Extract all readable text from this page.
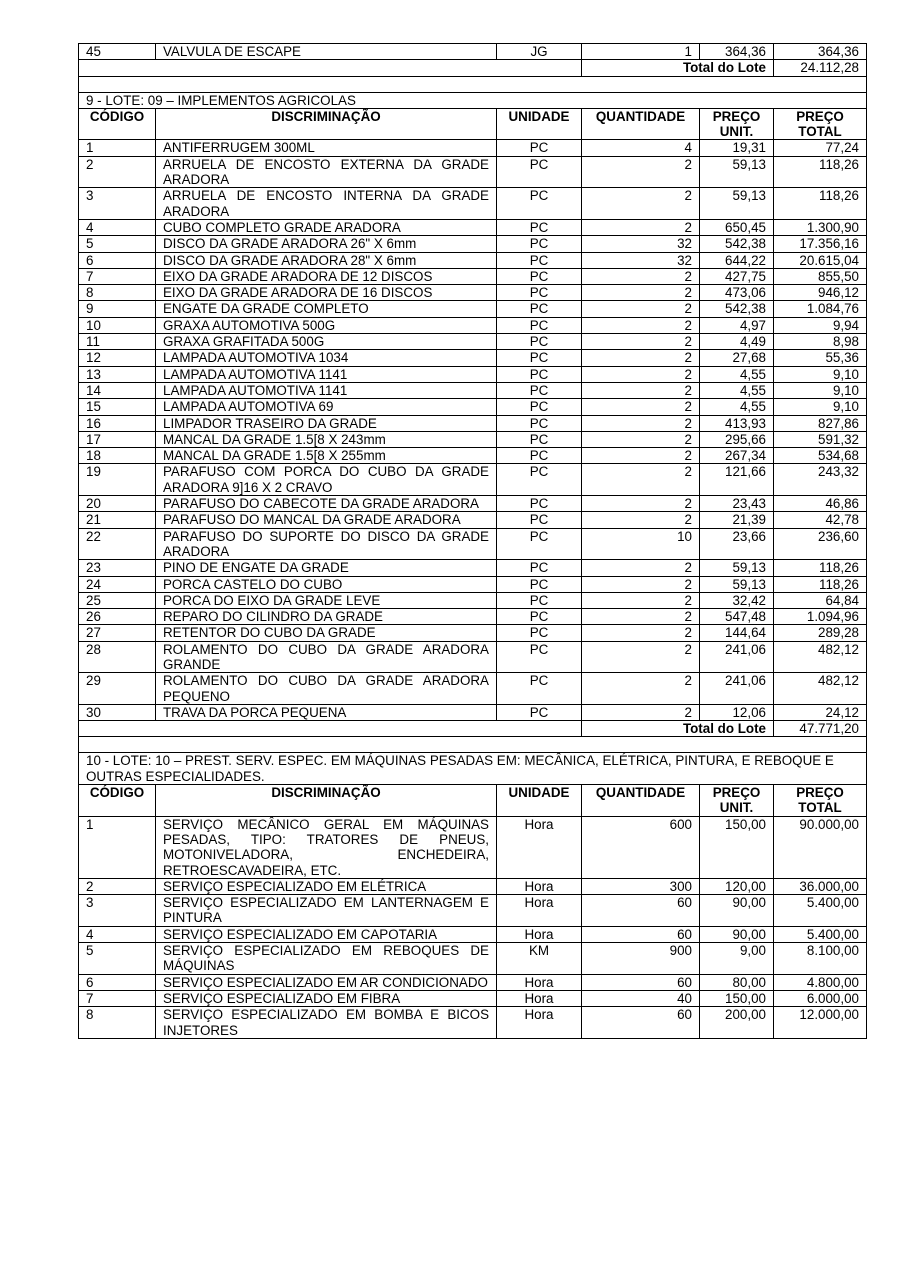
45	VALVULA DE ESCAPE	JG	1	364,36	364,36
			Total do Lote		24.112,28

9 - LOTE: 09 – IMPLEMENTOS AGRICOLAS					
CÓDIGO	DISCRIMINAÇÃO	UNIDADE	QUANTIDADE	PREÇO UNIT.	PREÇO TOTAL
1	ANTIFERRUGEM 300ML	PC	4	19,31	77,24
2	ARRUELA DE ENCOSTO EXTERNA DA GRADE ARADORA	PC	2	59,13	118,26
3	ARRUELA DE ENCOSTO INTERNA DA GRADE ARADORA	PC	2	59,13	118,26
4	CUBO COMPLETO GRADE ARADORA	PC	2	650,45	1.300,90
5	DISCO DA GRADE ARADORA 26" X 6mm	PC	32	542,38	17.356,16
6	DISCO DA GRADE ARADORA 28" X 6mm	PC	32	644,22	20.615,04
7	EIXO DA GRADE ARADORA DE 12 DISCOS	PC	2	427,75	855,50
8	EIXO DA GRADE ARADORA DE 16 DISCOS	PC	2	473,06	946,12
9	ENGATE DA GRADE COMPLETO	PC	2	542,38	1.084,76
10	GRAXA AUTOMOTIVA 500G	PC	2	4,97	9,94
11	GRAXA GRAFITADA 500G	PC	2	4,49	8,98
12	LAMPADA AUTOMOTIVA 1034	PC	2	27,68	55,36
13	LAMPADA AUTOMOTIVA 1141	PC	2	4,55	9,10
14	LAMPADA AUTOMOTIVA 1141	PC	2	4,55	9,10
15	LAMPADA AUTOMOTIVA 69	PC	2	4,55	9,10
16	LIMPADOR TRASEIRO DA GRADE	PC	2	413,93	827,86
17	MANCAL DA GRADE 1.5[8 X 243mm	PC	2	295,66	591,32
18	MANCAL DA GRADE 1.5[8 X 255mm	PC	2	267,34	534,68
19	PARAFUSO COM PORCA DO CUBO DA GRADE ARADORA 9]16 X 2 CRAVO	PC	2	121,66	243,32
20	PARAFUSO DO CABECOTE DA GRADE ARADORA	PC	2	23,43	46,86
21	PARAFUSO DO MANCAL DA GRADE ARADORA	PC	2	21,39	42,78
22	PARAFUSO DO SUPORTE DO DISCO DA GRADE ARADORA	PC	10	23,66	236,60
23	PINO DE ENGATE DA GRADE	PC	2	59,13	118,26
24	PORCA CASTELO DO CUBO	PC	2	59,13	118,26
25	PORCA DO EIXO DA GRADE LEVE	PC	2	32,42	64,84
26	REPARO DO CILINDRO DA GRADE	PC	2	547,48	1.094,96
27	RETENTOR DO CUBO DA GRADE	PC	2	144,64	289,28
28	ROLAMENTO DO CUBO DA GRADE ARADORA GRANDE	PC	2	241,06	482,12
29	ROLAMENTO DO CUBO DA GRADE ARADORA PEQUENO	PC	2	241,06	482,12
30	TRAVA DA PORCA PEQUENA	PC	2	12,06	24,12
			Total do Lote		47.771,20

10 - LOTE: 10 – PREST. SERV. ESPEC. EM MÁQUINAS PESADAS EM: MECÂNICA, ELÉTRICA, PINTURA, E REBOQUE E OUTRAS ESPECIALIDADES.					
CÓDIGO	DISCRIMINAÇÃO	UNIDADE	QUANTIDADE	PREÇO UNIT.	PREÇO TOTAL
1	SERVIÇO MECÂNICO GERAL EM MÁQUINAS PESADAS, TIPO: TRATORES DE PNEUS, MOTONIVELADORA, ENCHEDEIRA, RETROESCAVADEIRA, ETC.	Hora	600	150,00	90.000,00
2	SERVIÇO ESPECIALIZADO EM ELÉTRICA	Hora	300	120,00	36.000,00
3	SERVIÇO ESPECIALIZADO EM LANTERNAGEM E PINTURA	Hora	60	90,00	5.400,00
4	SERVIÇO ESPECIALIZADO EM CAPOTARIA	Hora	60	90,00	5.400,00
5	SERVIÇO ESPECIALIZADO EM REBOQUES DE MÁQUINAS	KM	900	9,00	8.100,00
6	SERVIÇO ESPECIALIZADO EM AR CONDICIONADO	Hora	60	80,00	4.800,00
7	SERVIÇO ESPECIALIZADO EM FIBRA	Hora	40	150,00	6.000,00
8	SERVIÇO ESPECIALIZADO EM BOMBA E BICOS INJETORES	Hora	60	200,00	12.000,00
